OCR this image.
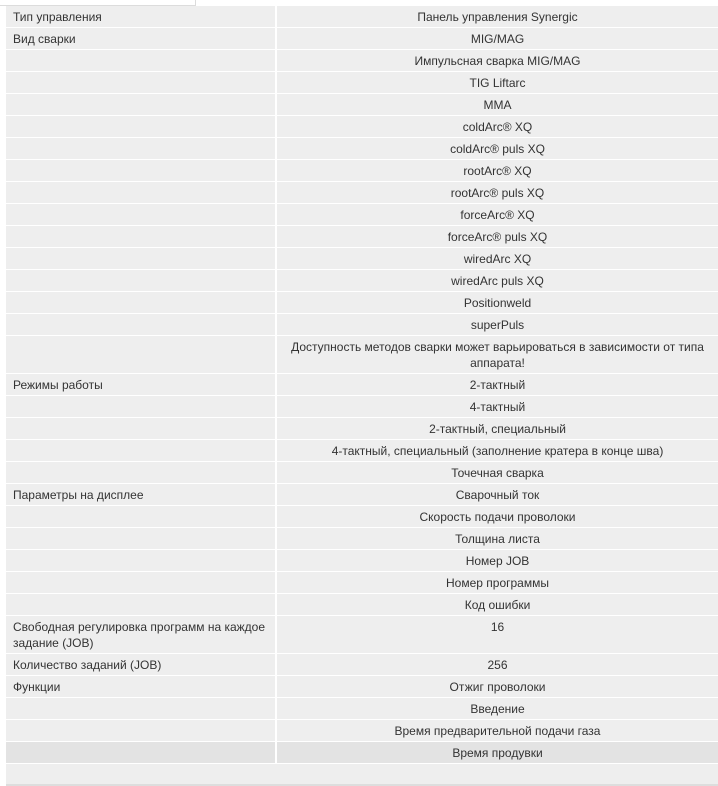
Тип управления	Панель управления Synergic

Вид сварки	MIG/MAG

	Импульсная сварка MIG/MAG

	TIG Liftarc

	MMA

	coldArc® XQ

	coldArc® puls XQ

	rootArc® XQ

	rootArc® puls XQ

	forceArc® XQ

	forceArc® puls XQ

	wiredArc XQ

	wiredArc puls XQ

	Positionweld

	superPuls

	Доступность методов сварки может варьироваться в зависимости от типа аппарата!

Режимы работы	2-тактный

	4-тактный

	2-тактный, специальный

	4-тактный, специальный (заполнение кратера в конце шва)

	Точечная сварка

Параметры на дисплее	Сварочный ток

	Скорость подачи проволоки

	Толщина листа

	Номер JOB

	Номер программы

	Код ошибки

Свободная регулировка программ на каждое задание (JOB)	16

Количество заданий (JOB)	256

Функции	Отжиг проволоки

	Введение

	Время предварительной подачи газа

	Время продувки
